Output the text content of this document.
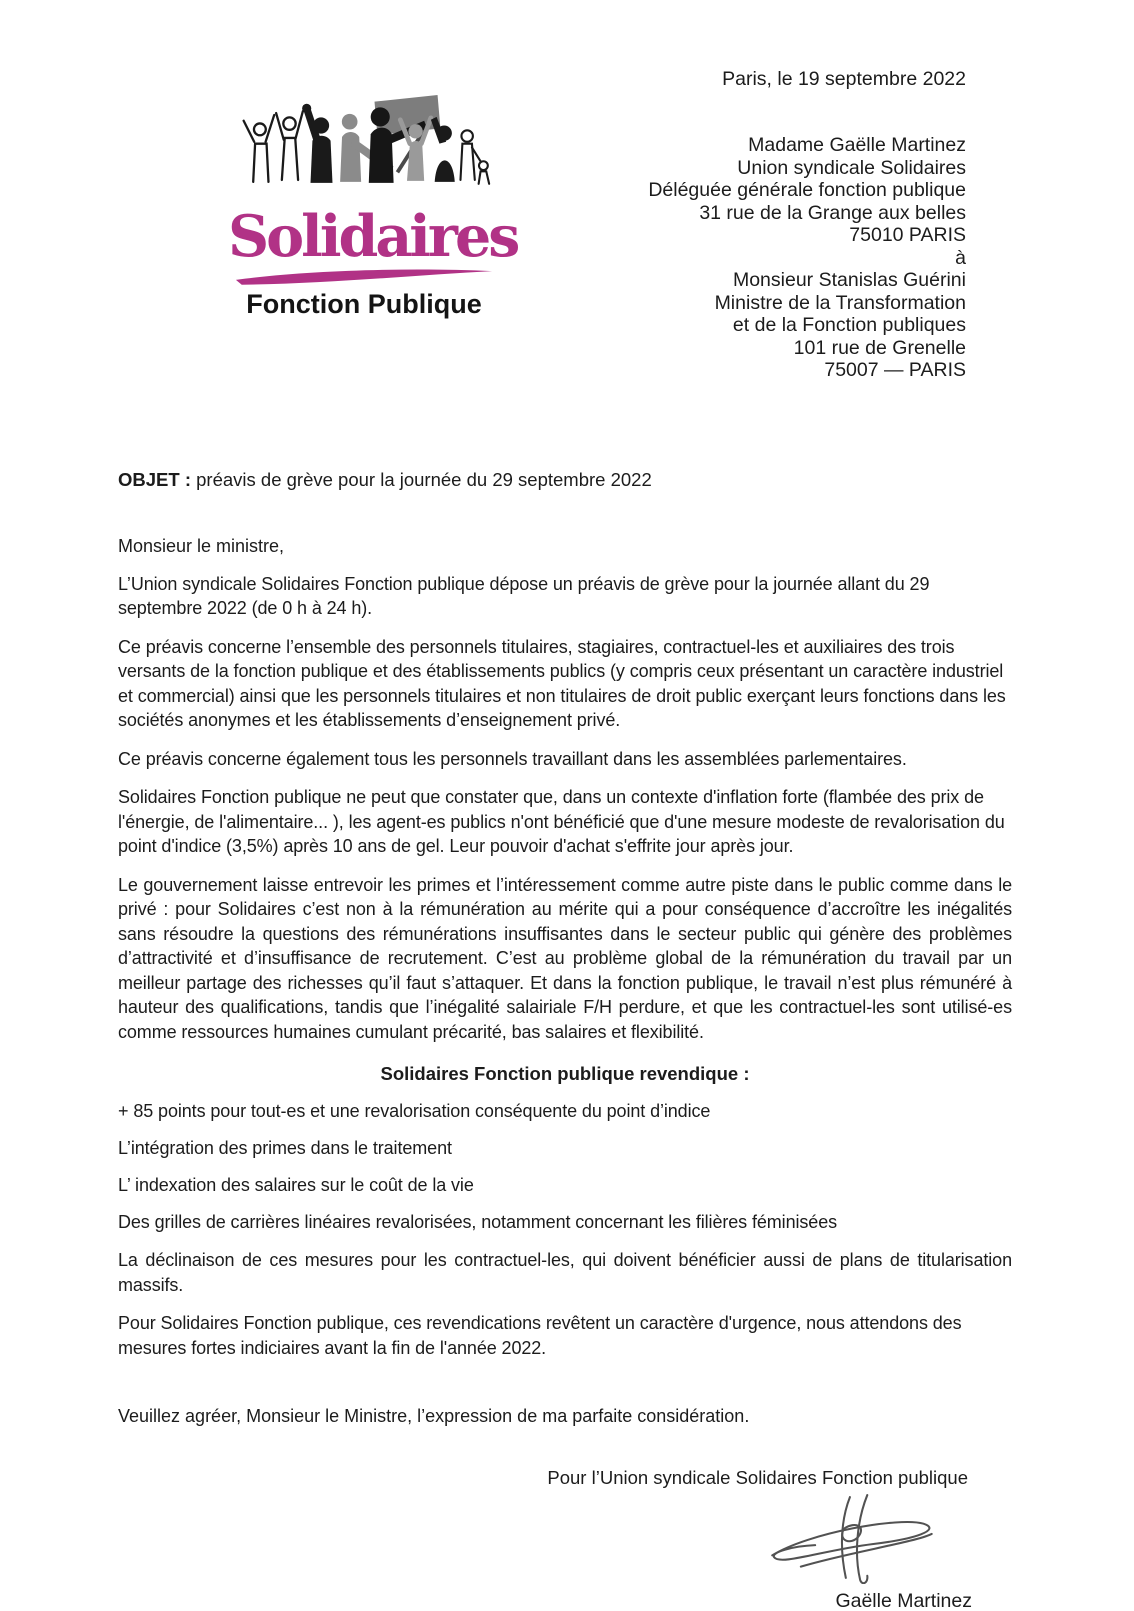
Solidaires
Fonction Publique
Paris, le 19 septembre 2022
Madame Gaëlle Martinez
Union syndicale Solidaires
Déléguée générale fonction publique
31 rue de la Grange aux belles
75010 PARIS
à
Monsieur Stanislas Guérini
Ministre de la Transformation
et de la Fonction publiques
101 rue de Grenelle
75007 — PARIS
OBJET : préavis de grève pour la journée du 29 septembre 2022
Monsieur le ministre,

L’Union syndicale Solidaires Fonction publique dépose un préavis de grève pour la journée allant du 29 septembre 2022 (de 0 h à 24 h).

Ce préavis concerne l’ensemble des personnels titulaires, stagiaires, contractuel-les et auxiliaires des trois versants de la fonction publique et des établissements publics (y compris ceux présentant un caractère industriel et commercial) ainsi que les personnels titulaires et non titulaires de droit public exerçant leurs fonctions dans les sociétés anonymes et les établissements d’enseignement privé.

Ce préavis concerne également tous les personnels travaillant dans les assemblées parlementaires.

Solidaires Fonction publique ne peut que constater que, dans un contexte d'inflation forte (flambée des prix de l'énergie, de l'alimentaire... ), les agent-es publics n'ont bénéficié que d'une mesure modeste de revalorisation du point d'indice (3,5%) après 10 ans de gel. Leur pouvoir d'achat s'effrite jour après jour.

Le gouvernement laisse entrevoir les primes et l’intéressement comme autre piste dans le public comme dans le privé : pour Solidaires c’est non à la rémunération au mérite qui a pour conséquence d’accroître les inégalités sans résoudre la questions des rémunérations insuffisantes dans le secteur public qui génère des problèmes d’attractivité et d’insuffisance de recrutement. C’est au problème global de la rémunération du travail par un meilleur partage des richesses qu’il faut s’attaquer. Et dans la fonction publique, le travail n’est plus rémunéré à hauteur des qualifications, tandis que l’inégalité salairiale F/H perdure, et que les contractuel-les sont utilisé-es comme ressources humaines cumulant précarité, bas salaires et flexibilité.

Solidaires Fonction publique revendique :

+ 85 points pour tout-es et une revalorisation conséquente du point d’indice

L’intégration des primes dans le traitement

L’ indexation des salaires sur le coût de la vie

Des grilles de carrières linéaires revalorisées, notamment concernant les filières féminisées

La déclinaison de ces mesures pour les contractuel-les, qui doivent bénéficier aussi de plans de titularisation massifs.

Pour Solidaires Fonction publique, ces revendications revêtent un caractère d'urgence, nous attendons des mesures fortes indiciaires avant la fin de l'année 2022.

Veuillez agréer, Monsieur le Ministre, l’expression de ma parfaite considération.
Pour l’Union syndicale Solidaires Fonction publique
Gaëlle Martinez
